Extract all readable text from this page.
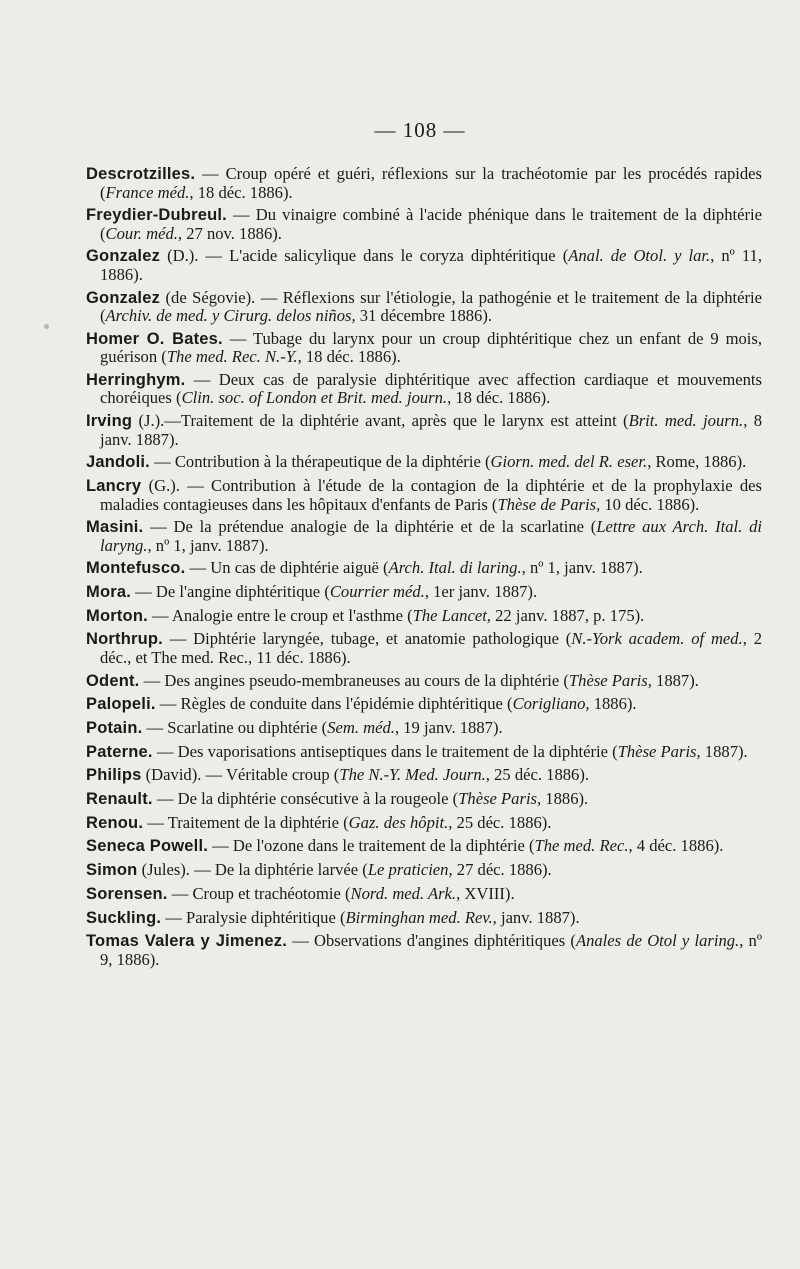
— 108 —

Descrotzilles. — Croup opéré et guéri, réflexions sur la trachéotomie par les procédés rapides (France méd., 18 déc. 1886).

Freydier-Dubreul. — Du vinaigre combiné à l'acide phénique dans le traitement de la diphtérie (Cour. méd., 27 nov. 1886).

Gonzalez (D.). — L'acide salicylique dans le coryza diphtéritique (Anal. de Otol. y lar., nº 11, 1886).

Gonzalez (de Ségovie). — Réflexions sur l'étiologie, la pathogénie et le traitement de la diphtérie (Archiv. de med. y Cirurg. delos niños, 31 décembre 1886).

Homer O. Bates. — Tubage du larynx pour un croup diphtéritique chez un enfant de 9 mois, guérison (The med. Rec. N.-Y., 18 déc. 1886).

Herringhym. — Deux cas de paralysie diphtéritique avec affection cardiaque et mouvements choréiques (Clin. soc. of London et Brit. med. journ., 18 déc. 1886).

Irving (J.).—Traitement de la diphtérie avant, après que le larynx est atteint (Brit. med. journ., 8 janv. 1887).

Jandoli. — Contribution à la thérapeutique de la diphtérie (Giorn. med. del R. eser., Rome, 1886).

Lancry (G.). — Contribution à l'étude de la contagion de la diphtérie et de la prophylaxie des maladies contagieuses dans les hôpitaux d'enfants de Paris (Thèse de Paris, 10 déc. 1886).

Masini. — De la prétendue analogie de la diphtérie et de la scarlatine (Lettre aux Arch. Ital. di laryng., nº 1, janv. 1887).

Montefusco. — Un cas de diphtérie aiguë (Arch. Ital. di laring., nº 1, janv. 1887).

Mora. — De l'angine diphtéritique (Courrier méd., 1er janv. 1887).

Morton. — Analogie entre le croup et l'asthme (The Lancet, 22 janv. 1887, p. 175).

Northrup. — Diphtérie laryngée, tubage, et anatomie pathologique (N.-York academ. of med., 2 déc., et The med. Rec., 11 déc. 1886).

Odent. — Des angines pseudo-membraneuses au cours de la diphtérie (Thèse Paris, 1887).

Palopeli. — Règles de conduite dans l'épidémie diphtéritique (Corigliano, 1886).

Potain. — Scarlatine ou diphtérie (Sem. méd., 19 janv. 1887).

Paterne. — Des vaporisations antiseptiques dans le traitement de la diphtérie (Thèse Paris, 1887).

Philips (David). — Véritable croup (The N.-Y. Med. Journ., 25 déc. 1886).

Renault. — De la diphtérie consécutive à la rougeole (Thèse Paris, 1886).

Renou. — Traitement de la diphtérie (Gaz. des hôpit., 25 déc. 1886).

Seneca Powell. — De l'ozone dans le traitement de la diphtérie (The med. Rec., 4 déc. 1886).

Simon (Jules). — De la diphtérie larvée (Le praticien, 27 déc. 1886).

Sorensen. — Croup et trachéotomie (Nord. med. Ark., XVIII).

Suckling. — Paralysie diphtéritique (Birminghan med. Rev., janv. 1887).

Tomas Valera y Jimenez. — Observations d'angines diphtéritiques (Anales de Otol y laring., nº 9, 1886).
